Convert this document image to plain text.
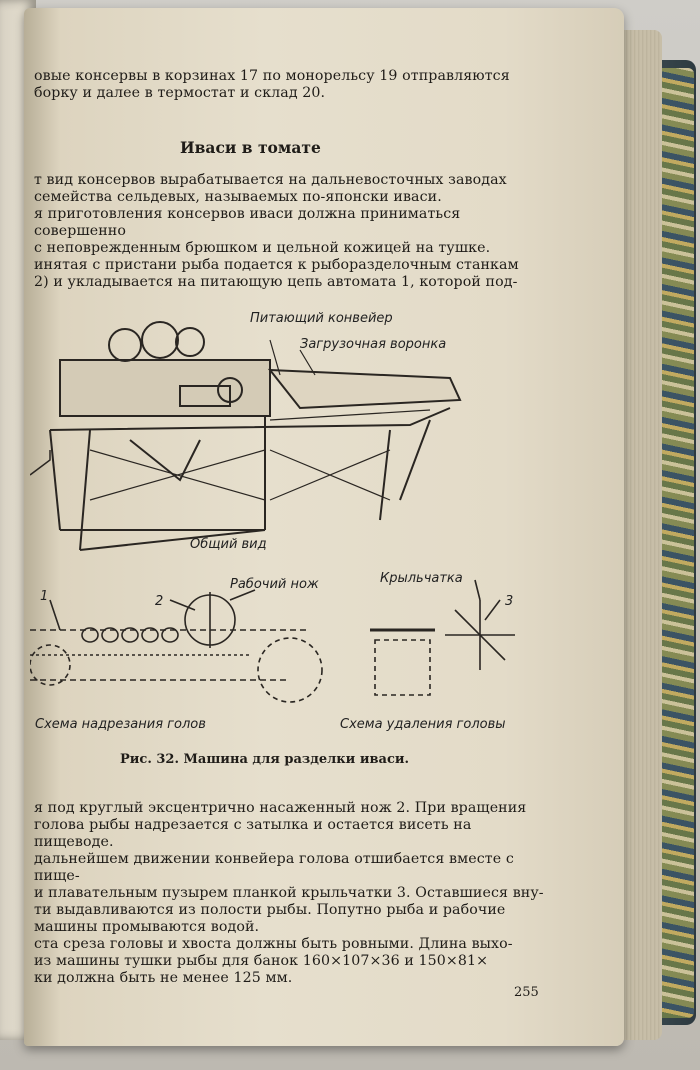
овые консервы в корзинах 17 по монорельсу 19 отправляются
борку и далее в термостат и склад 20.
Иваси в томате
т вид консервов вырабатывается на дальневосточных заводах
семейства сельдевых, называемых по-японски иваси.
я приготовления консервов иваси должна приниматься совершенно
с неповрежденным брюшком и цельной кожицей на тушке.
инятая с пристани рыба подается к рыборазделочным станкам
2) и укладывается на питающую цепь автомата 1, которой под-
Питающий конвейер
Загрузочная воронка
Общий вид
1	2
Рабочий нож
Схема надрезания голов
Крыльчатка
3
Схема удаления головы
Рис. 32. Машина для разделки иваси.
я под круглый эксцентрично насаженный нож 2. При вращения
голова рыбы надрезается с затылка и остается висеть на пищеводе.
дальнейшем движении конвейера голова отшибается вместе с пище-
и плавательным пузырем планкой крыльчатки 3. Оставшиеся вну-
ти выдавливаются из полости рыбы. Попутно рыба и рабочие
машины промываются водой.
ста среза головы и хвоста должны быть ровными. Длина выхо-
из машины тушки рыбы для банок 160×107×36 и 150×81×
ки должна быть не менее 125 мм.
255
